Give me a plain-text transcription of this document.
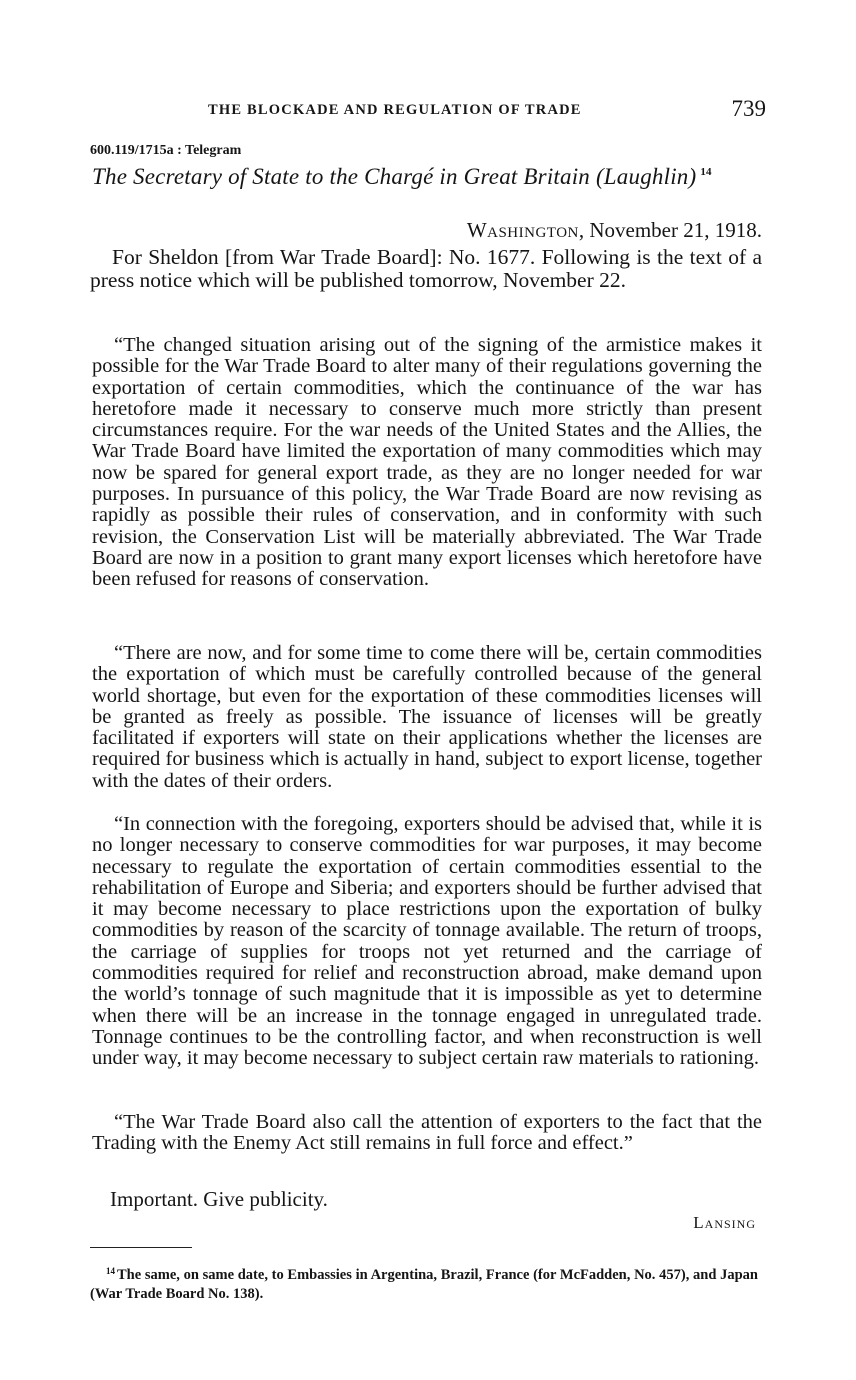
THE BLOCKADE AND REGULATION OF TRADE	739
600.119/1715a : Telegram
The Secretary of State to the Chargé in Great Britain (Laughlin) $^{14}$
Washington, November 21, 1918.

For Sheldon [from War Trade Board]: No. 1677. Following is the text of a press notice which will be published tomorrow, November 22.

“The changed situation arising out of the signing of the armistice makes it possible for the War Trade Board to alter many of their regulations governing the exportation of certain commodities, which the continuance of the war has heretofore made it necessary to conserve much more strictly than present circumstances require. For the war needs of the United States and the Allies, the War Trade Board have limited the exportation of many commodities which may now be spared for general export trade, as they are no longer needed for war purposes. In pursuance of this policy, the War Trade Board are now revising as rapidly as possible their rules of conservation, and in conformity with such revision, the Conservation List will be materially abbreviated. The War Trade Board are now in a position to grant many export licenses which heretofore have been refused for reasons of conservation.

“There are now, and for some time to come there will be, certain commodities the exportation of which must be carefully controlled because of the general world shortage, but even for the exportation of these commodities licenses will be granted as freely as possible. The issuance of licenses will be greatly facilitated if exporters will state on their applications whether the licenses are required for business which is actually in hand, subject to export license, together with the dates of their orders.

“In connection with the foregoing, exporters should be advised that, while it is no longer necessary to conserve commodities for war purposes, it may become necessary to regulate the exportation of certain commodities essential to the rehabilitation of Europe and Siberia; and exporters should be further advised that it may become necessary to place restrictions upon the exportation of bulky commodities by reason of the scarcity of tonnage available. The return of troops, the carriage of supplies for troops not yet returned and the carriage of commodities required for relief and reconstruction abroad, make demand upon the world’s tonnage of such magnitude that it is impossible as yet to determine when there will be an increase in the tonnage engaged in unregulated trade. Tonnage continues to be the controlling factor, and when reconstruction is well under way, it may become necessary to subject certain raw materials to rationing.

“The War Trade Board also call the attention of exporters to the fact that the Trading with the Enemy Act still remains in full force and effect.”

Important. Give publicity.
Lansing

$^{14}$ The same, on same date, to Embassies in Argentina, Brazil, France (for McFadden, No. 457), and Japan (War Trade Board No. 138).
